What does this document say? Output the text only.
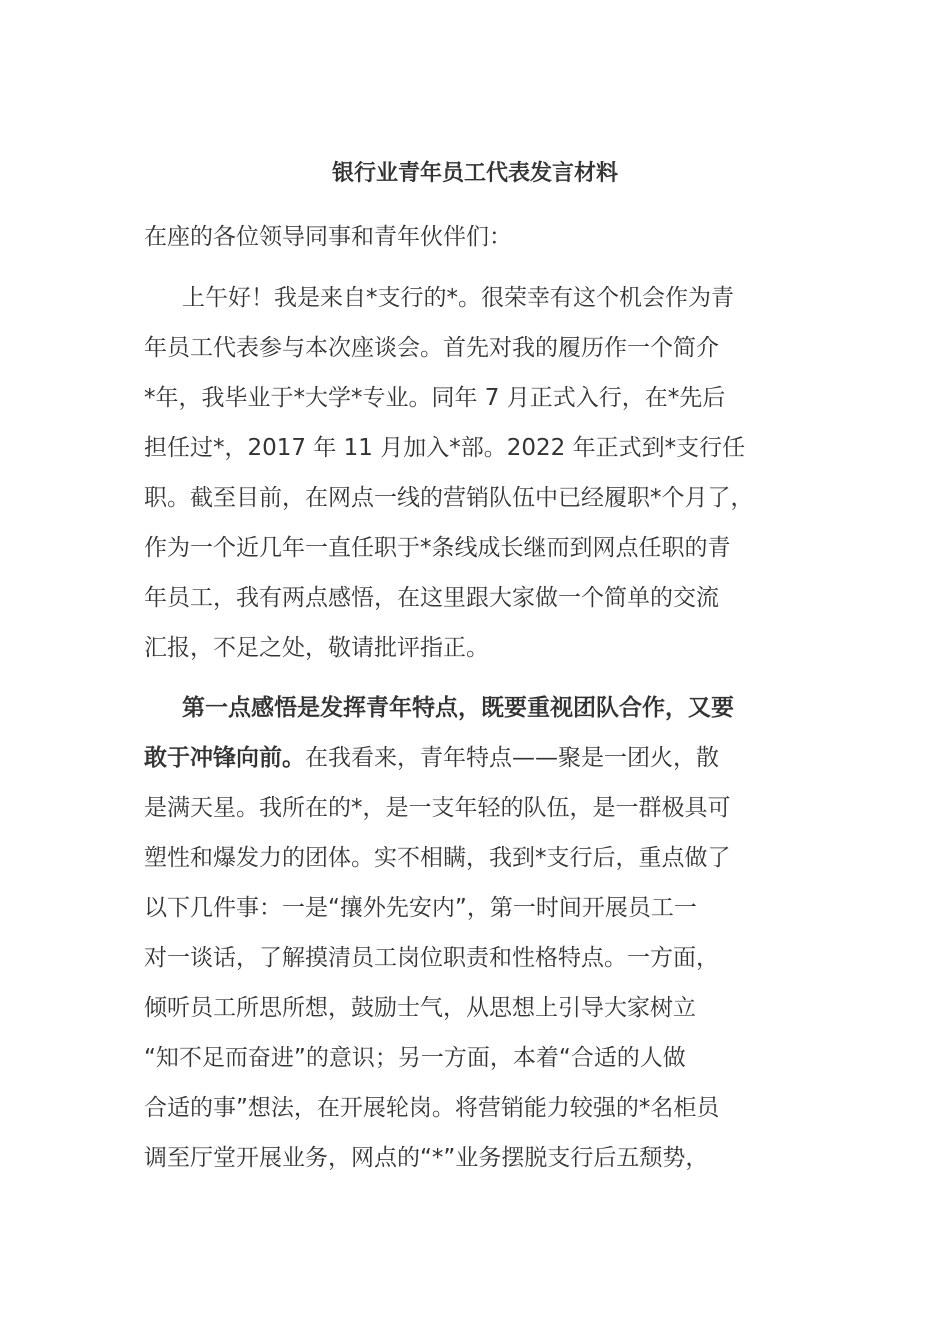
银行业青年员工代表发言材料
在座的各位领导同事和青年伙伴们：
上午好！我是来自*支行的*。很荣幸有这个机会作为青
年员工代表参与本次座谈会。首先对我的履历作一个简介
*年，我毕业于*大学*专业。同年 7 月正式入行，在*先后
担任过*，2017 年 11 月加入*部。2022 年正式到*支行任
职。截至目前，在网点一线的营销队伍中已经履职*个月了，
作为一个近几年一直任职于*条线成长继而到网点任职的青
年员工，我有两点感悟，在这里跟大家做一个简单的交流
汇报，不足之处，敬请批评指正。
第一点感悟是发挥青年特点，既要重视团队合作，又要
敢于冲锋向前。在我看来，青年特点——聚是一团火，散
是满天星。我所在的*，是一支年轻的队伍，是一群极具可
塑性和爆发力的团体。实不相瞒，我到*支行后，重点做了
以下几件事：一是“攘外先安内”，第一时间开展员工一
对一谈话，了解摸清员工岗位职责和性格特点。一方面，
倾听员工所思所想，鼓励士气，从思想上引导大家树立
“知不足而奋进”的意识；另一方面，本着“合适的人做
合适的事”想法，在开展轮岗。将营销能力较强的*名柜员
调至厅堂开展业务，网点的“*”业务摆脱支行后五颓势，
